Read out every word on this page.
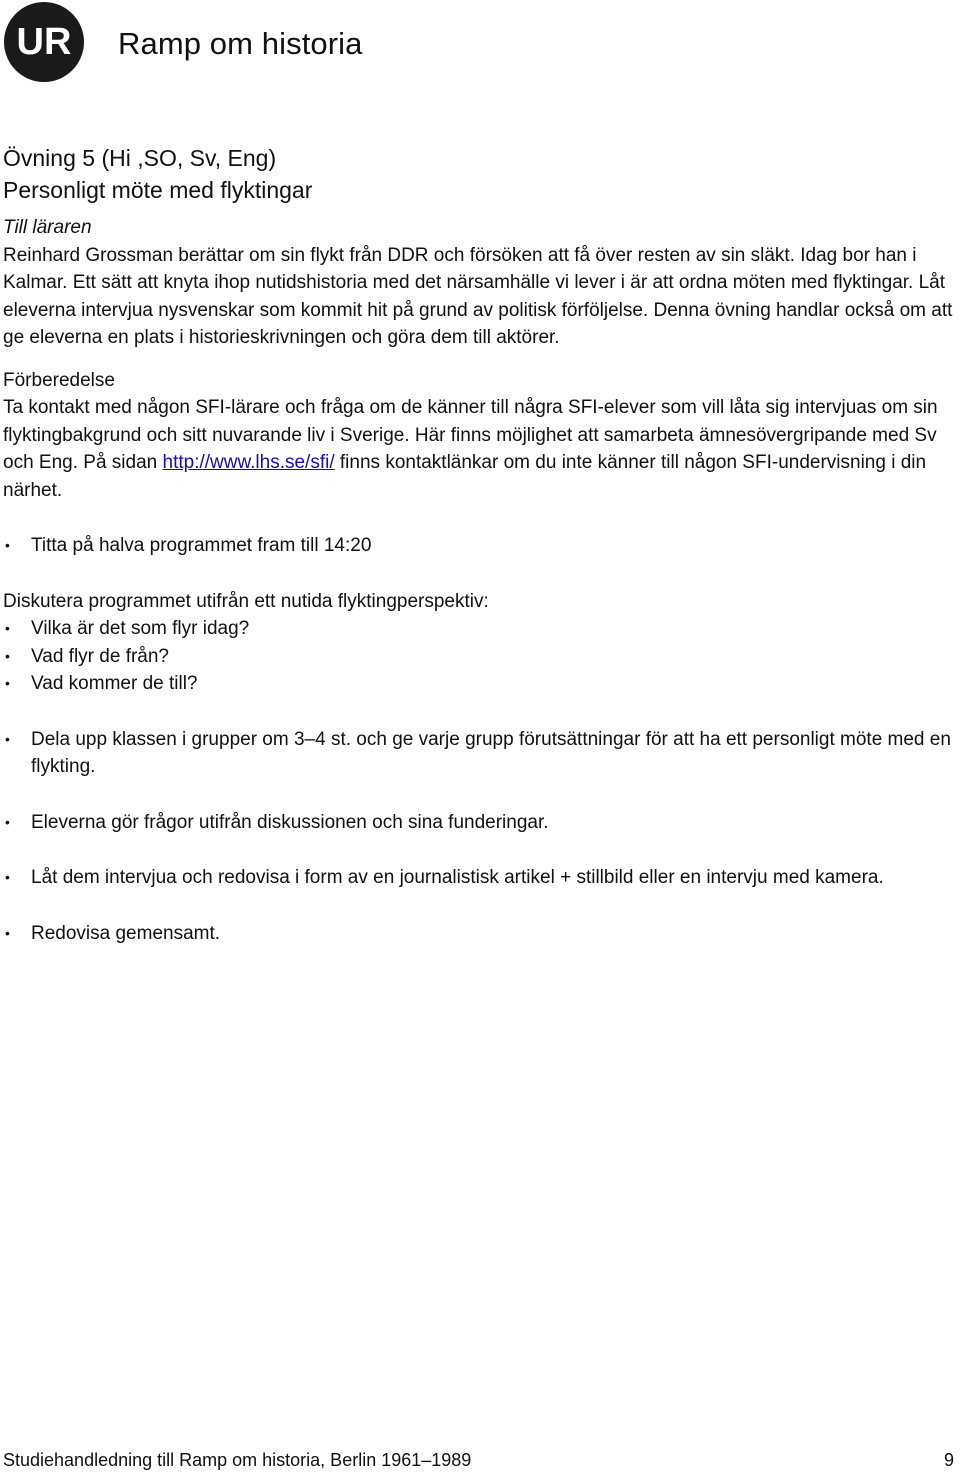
UR Ramp om historia
Övning 5 (Hi ,SO, Sv, Eng)
Personligt möte med flyktingar

Till läraren

Reinhard Grossman berättar om sin flykt från DDR och försöken att få över resten av sin släkt. Idag bor han i Kalmar. Ett sätt att knyta ihop nutidshistoria med det närsamhälle vi lever i är att ordna möten med flyktingar. Låt eleverna intervjua nysvenskar som kommit hit på grund av politisk förföljelse. Denna övning handlar också om att ge eleverna en plats i historieskrivningen och göra dem till aktörer.

Förberedelse

Ta kontakt med någon SFI-lärare och fråga om de känner till några SFI-elever som vill låta sig intervjuas om sin flyktingbakgrund och sitt nuvarande liv i Sverige. Här finns möjlighet att samarbeta ämnesövergripande med Sv och Eng. På sidan http://www.lhs.se/sfi/ finns kontaktlänkar om du inte känner till någon SFI-undervisning i din närhet.

•	Titta på halva programmet fram till 14:20

Diskutera programmet utifrån ett nutida flyktingperspektiv:

•	Vilka är det som flyr idag?
•	Vad flyr de från?
•	Vad kommer de till?
•	Dela upp klassen i grupper om 3–4 st. och ge varje grupp förutsättningar för att ha ett personligt möte med en flykting.
•	Eleverna gör frågor utifrån diskussionen och sina funderingar.
•	Låt dem intervjua och redovisa i form av en journalistisk artikel + stillbild eller en intervju med kamera.
•	Redovisa gemensamt.
Studiehandledning till Ramp om historia, Berlin 1961–1989	9
